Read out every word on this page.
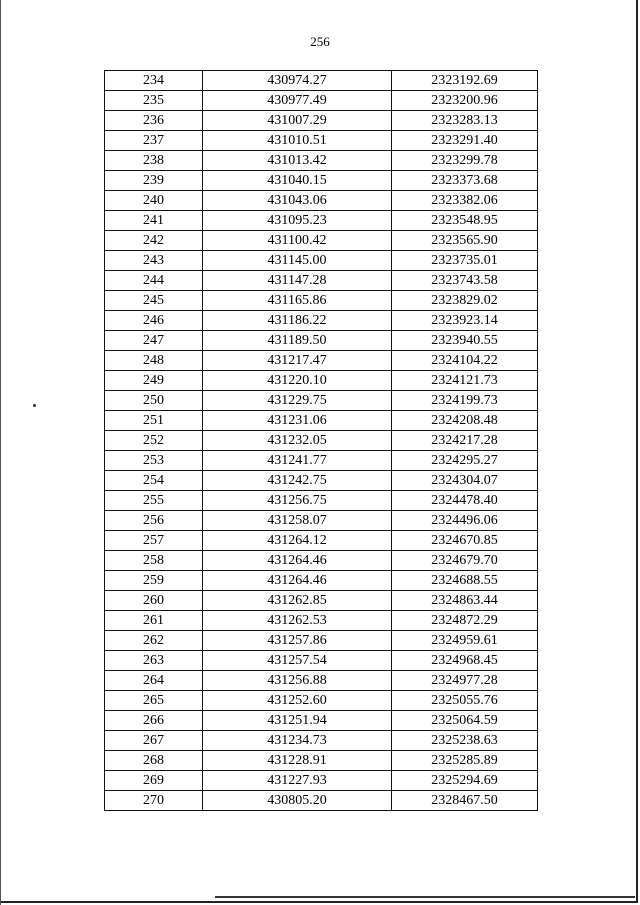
256
234	430974.27	2323192.69
235	430977.49	2323200.96
236	431007.29	2323283.13
237	431010.51	2323291.40
238	431013.42	2323299.78
239	431040.15	2323373.68
240	431043.06	2323382.06
241	431095.23	2323548.95
242	431100.42	2323565.90
243	431145.00	2323735.01
244	431147.28	2323743.58
245	431165.86	2323829.02
246	431186.22	2323923.14
247	431189.50	2323940.55
248	431217.47	2324104.22
249	431220.10	2324121.73
250	431229.75	2324199.73
251	431231.06	2324208.48
252	431232.05	2324217.28
253	431241.77	2324295.27
254	431242.75	2324304.07
255	431256.75	2324478.40
256	431258.07	2324496.06
257	431264.12	2324670.85
258	431264.46	2324679.70
259	431264.46	2324688.55
260	431262.85	2324863.44
261	431262.53	2324872.29
262	431257.86	2324959.61
263	431257.54	2324968.45
264	431256.88	2324977.28
265	431252.60	2325055.76
266	431251.94	2325064.59
267	431234.73	2325238.63
268	431228.91	2325285.89
269	431227.93	2325294.69
270	430805.20	2328467.50
